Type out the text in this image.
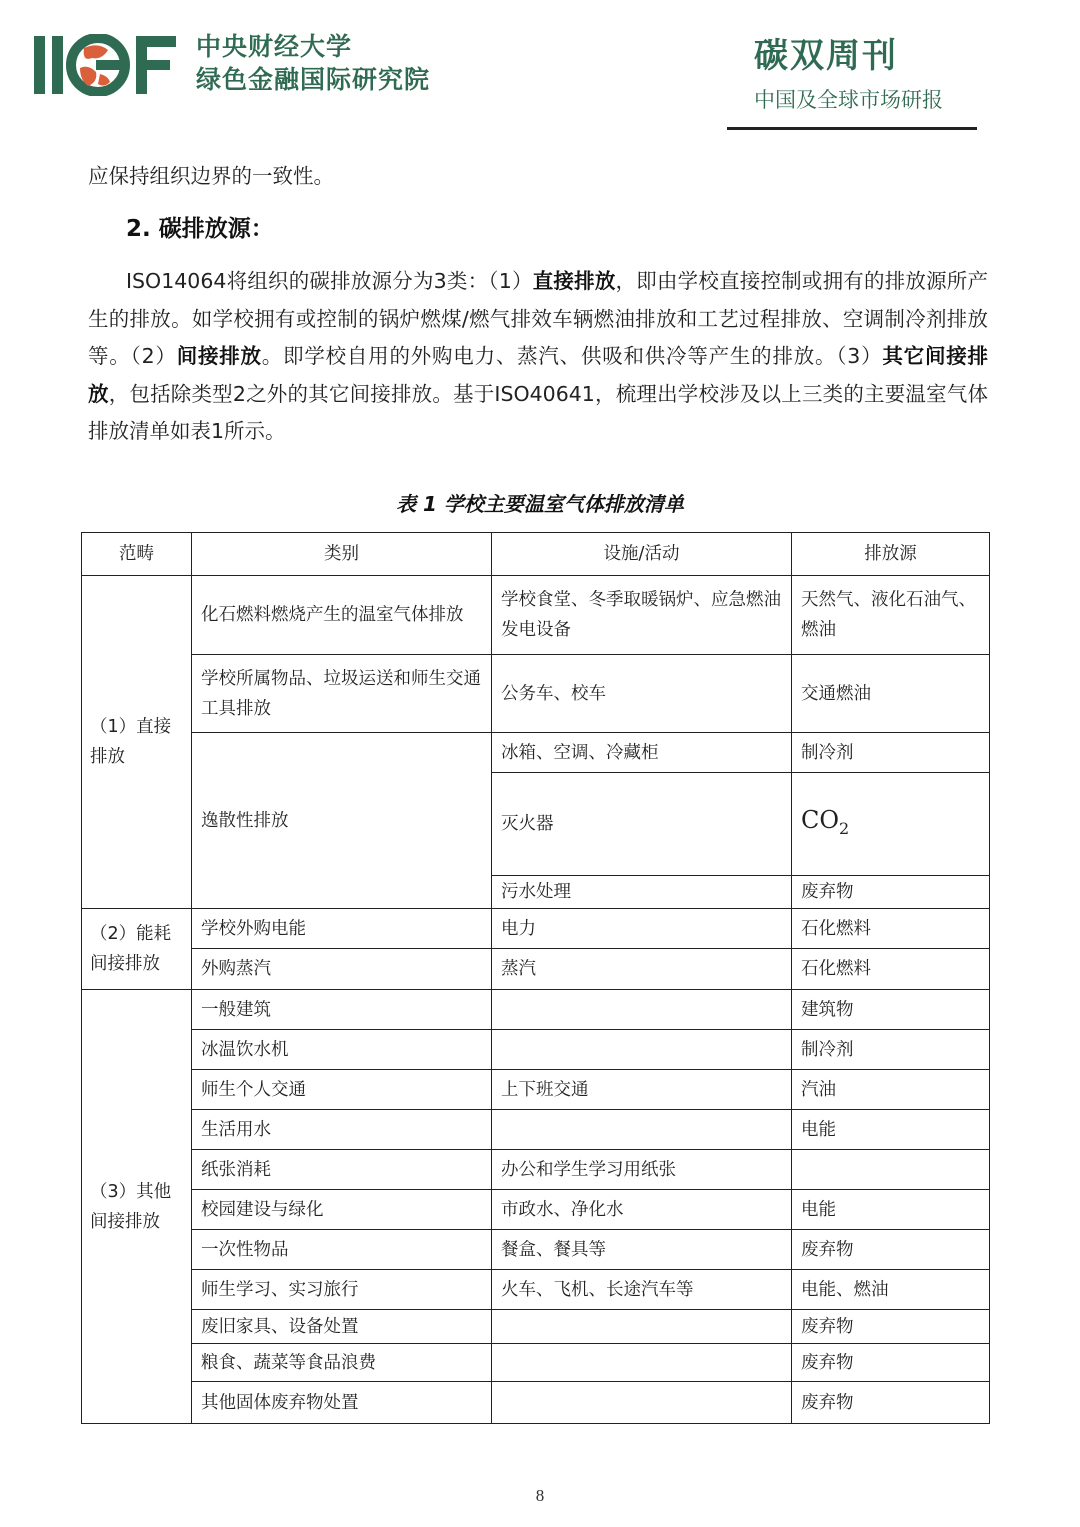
中央财经大学
绿色金融国际研究院
碳双周刊
中国及全球市场研报
应保持组织边界的一致性。
2. 碳排放源：
ISO14064将组织的碳排放源分为3类：（1）直接排放，即由学校直接控制或拥有的排放源所产生的排放。如学校拥有或控制的锅炉燃煤/燃气排效车辆燃油排放和工艺过程排放、空调制冷剂排放等。（2）间接排放。即学校自用的外购电力、蒸汽、供吸和供冷等产生的排放。（3）其它间接排放，包括除类型2之外的其它间接排放。基于ISO40641，梳理出学校涉及以上三类的主要温室气体排放清单如表1所示。
表 1 学校主要温室气体排放清单
范畴	类别	设施/活动	排放源
（1）直接排放	化石燃料燃烧产生的温室气体排放	学校食堂、冬季取暖锅炉、应急燃油发电设备	天然气、液化石油气、燃油
	学校所属物品、垃圾运送和师生交通工具排放	公务车、校车	交通燃油
	逸散性排放	冰箱、空调、冷藏柜	制冷剂
		灭火器	$CO_2$
		污水处理	废弃物
（2）能耗间接排放	学校外购电能	电力	石化燃料
	外购蒸汽	蒸汽	石化燃料
（3）其他间接排放	一般建筑		建筑物
	冰温饮水机		制冷剂
	师生个人交通	上下班交通	汽油
	生活用水		电能
	纸张消耗	办公和学生学习用纸张	
	校园建设与绿化	市政水、净化水	电能
	一次性物品	餐盒、餐具等	废弃物
	师生学习、实习旅行	火车、飞机、长途汽车等	电能、燃油
	废旧家具、设备处置		废弃物
	粮食、蔬菜等食品浪费		废弃物
	其他固体废弃物处置		废弃物
8
